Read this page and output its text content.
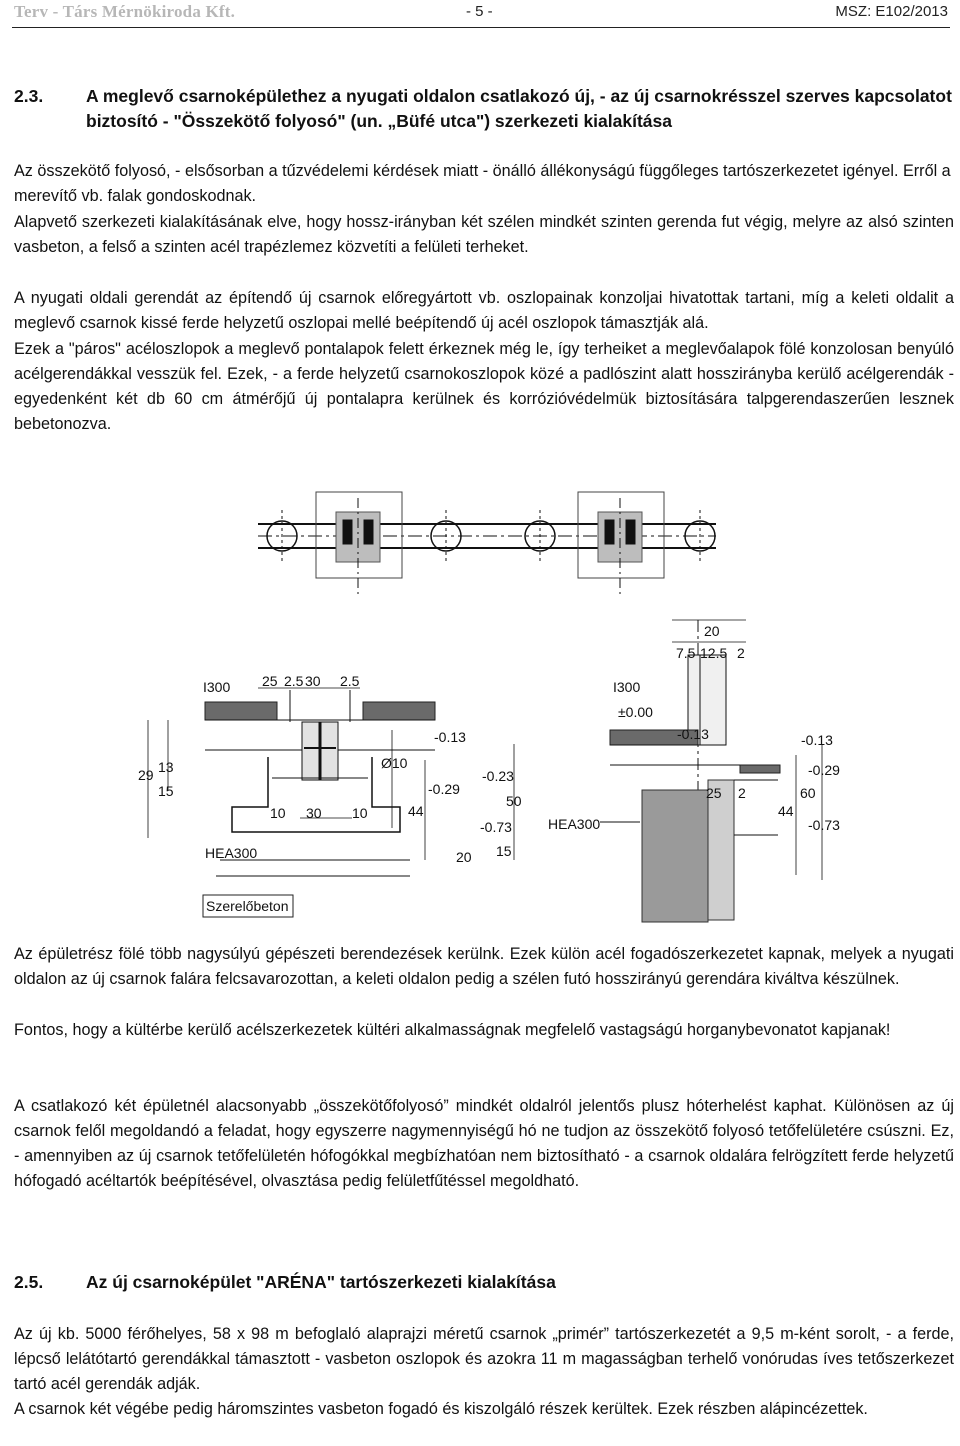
Terv - Társ Mérnökiroda Kft.	- 5 -	MSZ: E102/2013
2.3. A meglevő csarnoképülethez a nyugati oldalon csatlakozó új, - az új csarnokrésszel szerves kapcsolatot biztosító - "Összekötő folyosó" (un. „Büfé utca") szerkezeti kialakítása

Az összekötő folyosó, - elsősorban a tűzvédelemi kérdések miatt - önálló állékonyságú függőleges tartószerkezetet igényel. Erről a merevítő vb. falak gondoskodnak.

Alapvető szerkezeti kialakításának elve, hogy hossz-irányban két szélen mindkét szinten gerenda fut végig, melyre az alsó szinten vasbeton, a felső a szinten acél trapézlemez közvetíti a felületi terheket.

A nyugati oldali gerendát az építendő új csarnok előregyártott vb. oszlopainak konzoljai hivatottak tartani, míg a keleti oldalit a meglevő csarnok kissé ferde helyzetű oszlopai mellé beépítendő új acél oszlopok támasztják alá.

Ezek a "páros" acéloszlopok a meglevő pontalapok felett érkeznek még le, így terheiket a meglevőalapok fölé konzolosan benyúló acélgerendákkal vesszük fel. Ezek, - a ferde helyzetű csarnokoszlopok közé a padlószint alatt hosszirányba kerülő acélgerendák - egyedenként két db 60 cm átmérőjű új pontalapra kerülnek és korrózióvédelmük biztosítására talpgerendaszerűen lesznek bebetonozva.

I300
HEA300
Szerelőbeton
25 2.5 30 2.5
29 13
15
10 30 10
Ø10
44
50
15
20
-0.13
-0.29
-0.23
-0.73
I300
±0.00
HEA300
20
7.5 12.5 2
25 2
44
60
-0.13	-0.13
-0.29
-0.73

Az épületrész fölé több nagysúlyú gépészeti berendezések kerülnk. Ezek külön acél fogadószerkezetet kapnak, melyek a nyugati oldalon az új csarnok falára felcsavarozottan, a keleti oldalon pedig a szélen futó hosszirányú gerendára kiváltva készülnek.

Fontos, hogy a kültérbe kerülő acélszerkezetek kültéri alkalmasságnak megfelelő vastagságú horganybevonatot kapjanak!

A csatlakozó két épületnél alacsonyabb „összekötőfolyosó” mindkét oldalról jelentős plusz hóterhelést kaphat. Különösen az új csarnok felől megoldandó a feladat, hogy egyszerre nagymennyiségű hó ne tudjon az összekötő folyosó tetőfelületére csúszni. Ez, - amennyiben az új csarnok tetőfelületén hófogókkal megbízhatóan nem biztosítható - a csarnok oldalára felrögzített ferde helyzetű hófogadó acéltartók beépítésével, olvasztása pedig felületfűtéssel megoldható.

2.5. Az új csarnoképület "ARÉNA" tartószerkezeti kialakítása

Az új kb. 5000 férőhelyes, 58 x 98 m befoglaló alaprajzi méretű csarnok „primér” tartószerkezetét a 9,5 m-ként sorolt, - a ferde, lépcső lelátótartó gerendákkal támasztott - vasbeton oszlopok és azokra 11 m magasságban terhelő vonórudas íves tetőszerkezet tartó acél gerendák adják.

A csarnok két végébe pedig háromszintes vasbeton fogadó és kiszolgáló részek kerültek. Ezek részben alápincézettek.
